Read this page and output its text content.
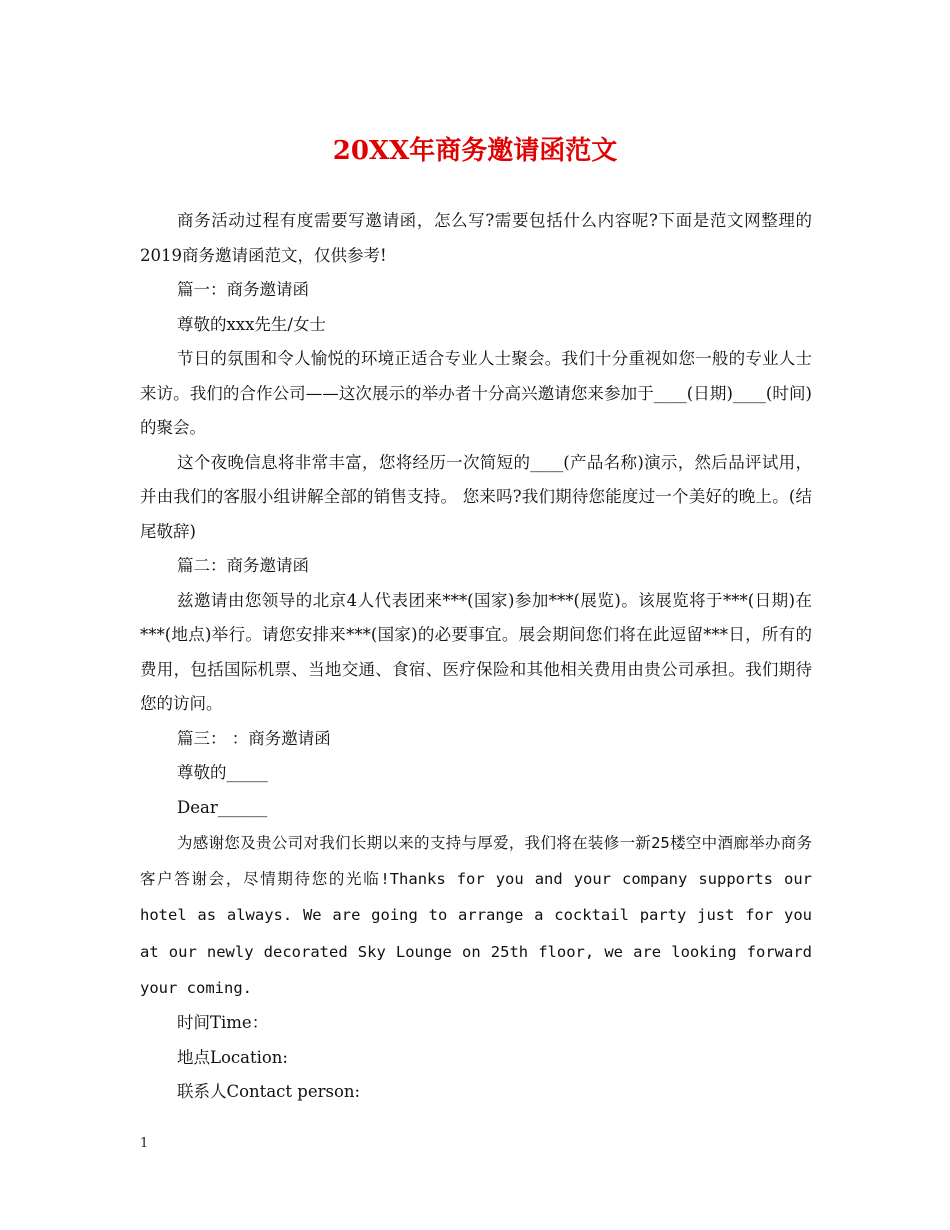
20XX年商务邀请函范文

商务活动过程有度需要写邀请函，怎么写?需要包括什么内容呢?下面是范文网整理的2019商务邀请函范文，仅供参考!

篇一：商务邀请函

尊敬的xxx先生/女士

节日的氛围和令人愉悦的环境正适合专业人士聚会。我们十分重视如您一般的专业人士来访。我们的合作公司——这次展示的举办者十分高兴邀请您来参加于____(日期)____(时间)的聚会。

这个夜晚信息将非常丰富，您将经历一次简短的____(产品名称)演示，然后品评试用，并由我们的客服小组讲解全部的销售支持。 您来吗?我们期待您能度过一个美好的晚上。(结尾敬辞)

篇二：商务邀请函

兹邀请由您领导的北京4人代表团来***(国家)参加***(展览)。该展览将于***(日期)在***(地点)举行。请您安排来***(国家)的必要事宜。展会期间您们将在此逗留***日，所有的费用，包括国际机票、当地交通、食宿、医疗保险和其他相关费用由贵公司承担。我们期待您的访问。

篇三： ：商务邀请函

尊敬的_____

Dear______

为感谢您及贵公司对我们长期以来的支持与厚爱，我们将在装修一新25楼空中酒廊举办商务客户答谢会，尽情期待您的光临!Thanks for you and your company supports our hotel as always. We are going to arrange a cocktail party just for you at our newly decorated Sky Lounge on 25th floor, we are looking forward your coming.

时间Time：

地点Location:

联系人Contact person:

1
